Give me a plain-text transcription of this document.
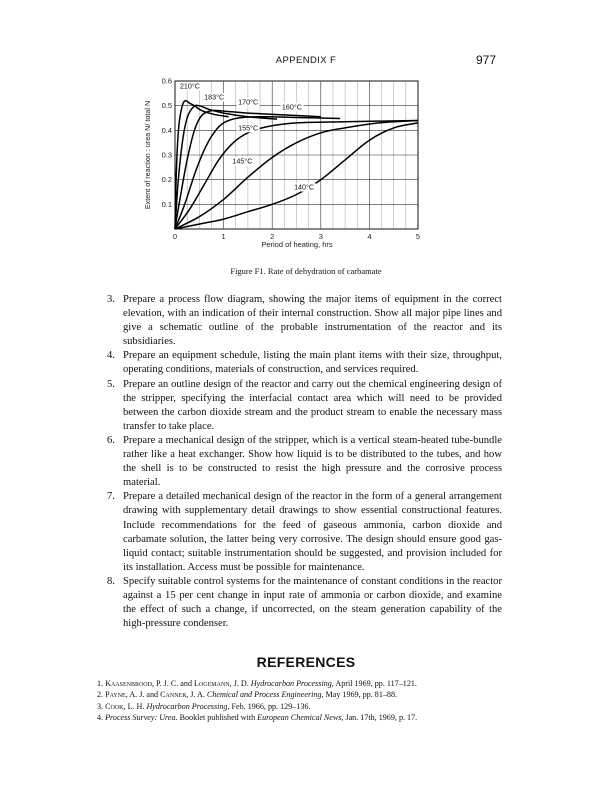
APPENDIX F	977
210°C
183°C
170°C
160°C
155°C
145°C
140°C
0	1	2	3	4	5
0.1
0.2
0.3
0.4
0.5
0.6
Period of heating, hrs
Extent of reaction : urea N/ total N
Figure F1. Rate of dehydration of carbamate
3. Prepare a process flow diagram, showing the major items of equipment in the correct elevation, with an indication of their internal construction. Show all major pipe lines and give a schematic outline of the probable instrumentation of the reactor and its subsidiaries.
4. Prepare an equipment schedule, listing the main plant items with their size, throughput, operating conditions, materials of construction, and services required.
5. Prepare an outline design of the reactor and carry out the chemical engineering design of the stripper, specifying the interfacial contact area which will need to be provided between the carbon dioxide stream and the product stream to enable the necessary mass transfer to take place.
6. Prepare a mechanical design of the stripper, which is a vertical steam-heated tube-bundle rather like a heat exchanger. Show how liquid is to be distributed to the tubes, and how the shell is to be constructed to resist the high pressure and the corrosive process material.
7. Prepare a detailed mechanical design of the reactor in the form of a general arrangement drawing with supplementary detail drawings to show essential constructional features. Include recommendations for the feed of gaseous ammonia, carbon dioxide and carbamate solution, the latter being very corrosive. The design should ensure good gas-liquid contact; suitable instrumentation should be suggested, and provision included for its installation. Access must be possible for maintenance.
8. Specify suitable control systems for the maintenance of constant conditions in the reactor against a 15 per cent change in input rate of ammonia or carbon dioxide, and examine the effect of such a change, if uncorrected, on the steam generation capability of the high-pressure condenser.
REFERENCES
1. Kaasenbrood, P. J. C. and Logemann, J. D. Hydrocarbon Processing, April 1969, pp. 117–121.
2. Payne, A. J. and Canner, J. A. Chemical and Process Engineering, May 1969, pp. 81–88.
3. Cook, L. H. Hydrocarbon Processing, Feb. 1966, pp. 129–136.
4. Process Survey: Urea. Booklet published with European Chemical News, Jan. 17th, 1969, p. 17.
